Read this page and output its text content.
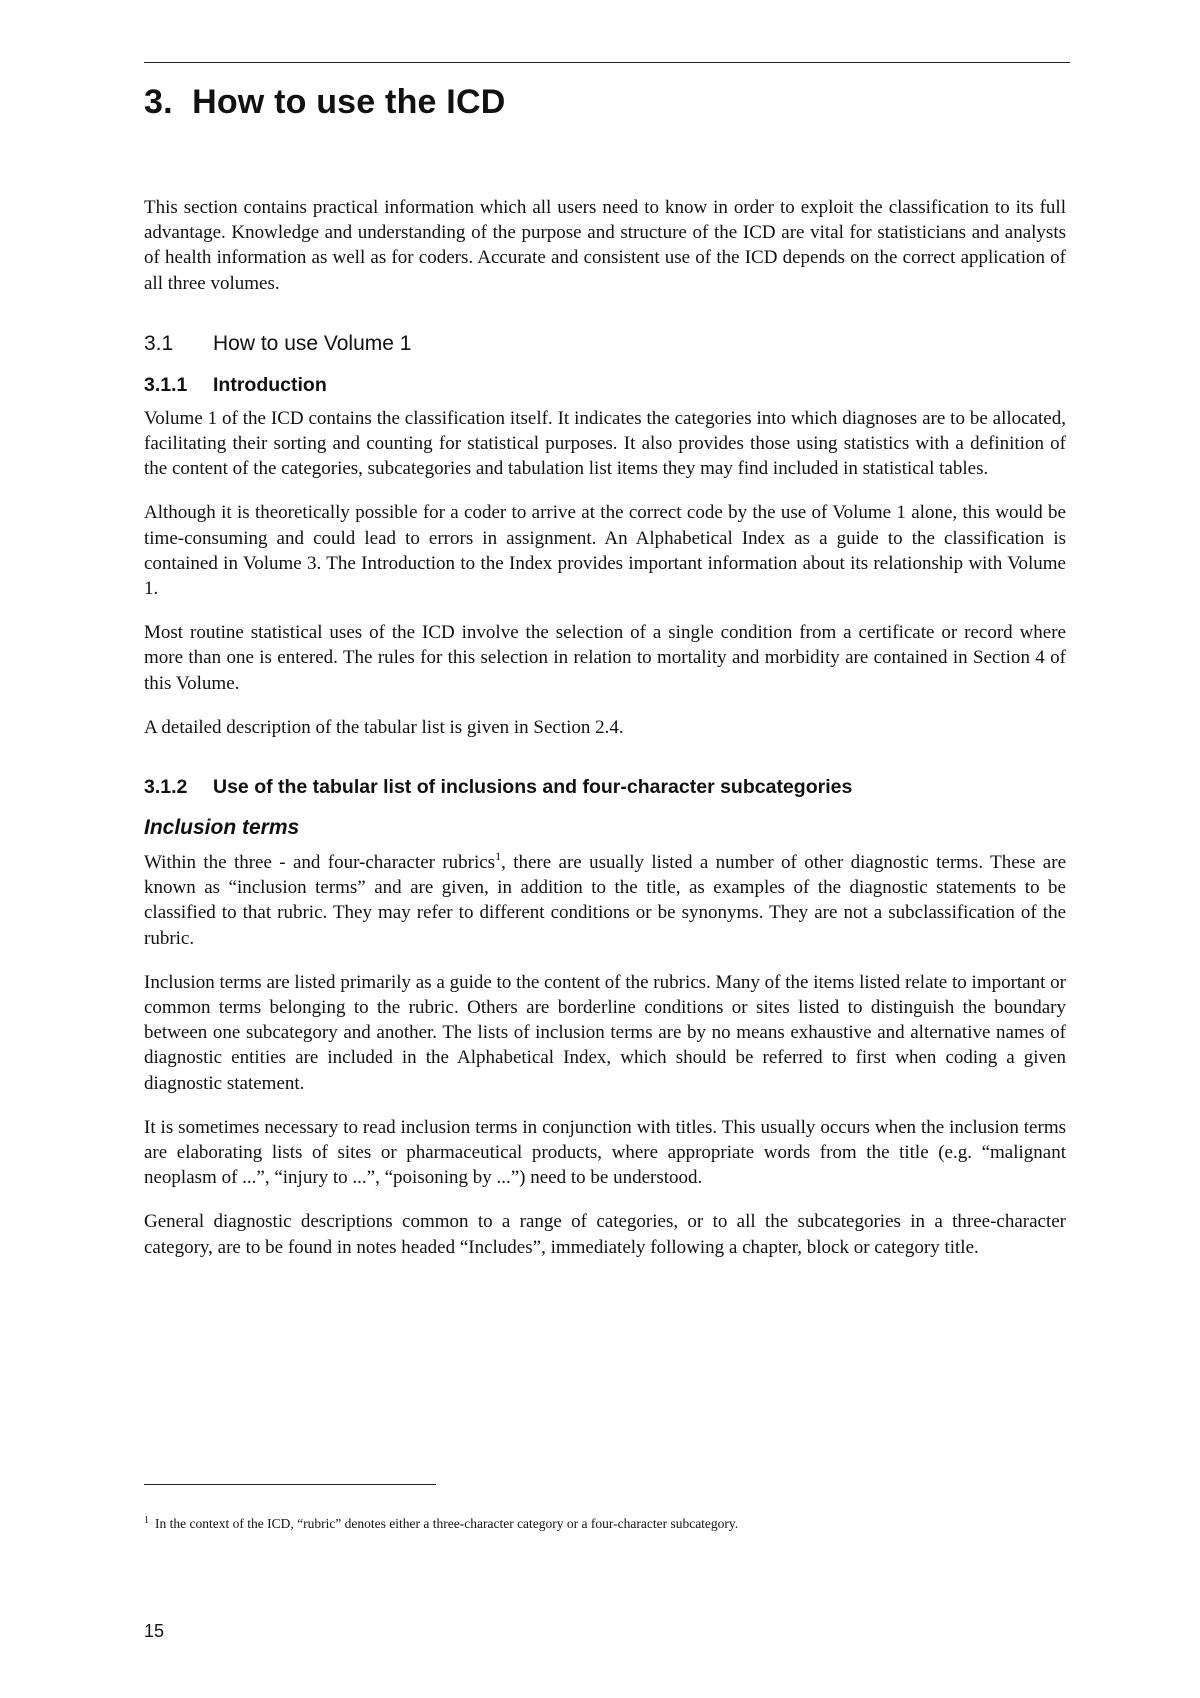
3. How to use the ICD

This section contains practical information which all users need to know in order to exploit the classification to its full advantage. Knowledge and understanding of the purpose and structure of the ICD are vital for statisticians and analysts of health information as well as for coders. Accurate and consistent use of the ICD depends on the correct application of all three volumes.

3.1 How to use Volume 1
3.1.1 Introduction

Volume 1 of the ICD contains the classification itself. It indicates the categories into which diagnoses are to be allocated, facilitating their sorting and counting for statistical purposes. It also provides those using statistics with a definition of the content of the categories, subcategories and tabulation list items they may find included in statistical tables.

Although it is theoretically possible for a coder to arrive at the correct code by the use of Volume 1 alone, this would be time-consuming and could lead to errors in assignment. An Alphabetical Index as a guide to the classification is contained in Volume 3. The Introduction to the Index provides important information about its relationship with Volume 1.

Most routine statistical uses of the ICD involve the selection of a single condition from a certificate or record where more than one is entered. The rules for this selection in relation to mortality and morbidity are contained in Section 4 of this Volume.

A detailed description of the tabular list is given in Section 2.4.

3.1.2 Use of the tabular list of inclusions and four-character subcategories
Inclusion terms

Within the three - and four-character rubrics$^1$, there are usually listed a number of other diagnostic terms. These are known as “inclusion terms” and are given, in addition to the title, as examples of the diagnostic statements to be classified to that rubric. They may refer to different conditions or be synonyms. They are not a subclassification of the rubric.

Inclusion terms are listed primarily as a guide to the content of the rubrics. Many of the items listed relate to important or common terms belonging to the rubric. Others are borderline conditions or sites listed to distinguish the boundary between one subcategory and another. The lists of inclusion terms are by no means exhaustive and alternative names of diagnostic entities are included in the Alphabetical Index, which should be referred to first when coding a given diagnostic statement.

It is sometimes necessary to read inclusion terms in conjunction with titles. This usually occurs when the inclusion terms are elaborating lists of sites or pharmaceutical products, where appropriate words from the title (e.g. “malignant neoplasm of ...”, “injury to ...”, “poisoning by ...”) need to be understood.

General diagnostic descriptions common to a range of categories, or to all the subcategories in a three-character category, are to be found in notes headed “Includes”, immediately following a chapter, block or category title.

$^1$ In the context of the ICD, “rubric” denotes either a three-character category or a four-character subcategory.

15
